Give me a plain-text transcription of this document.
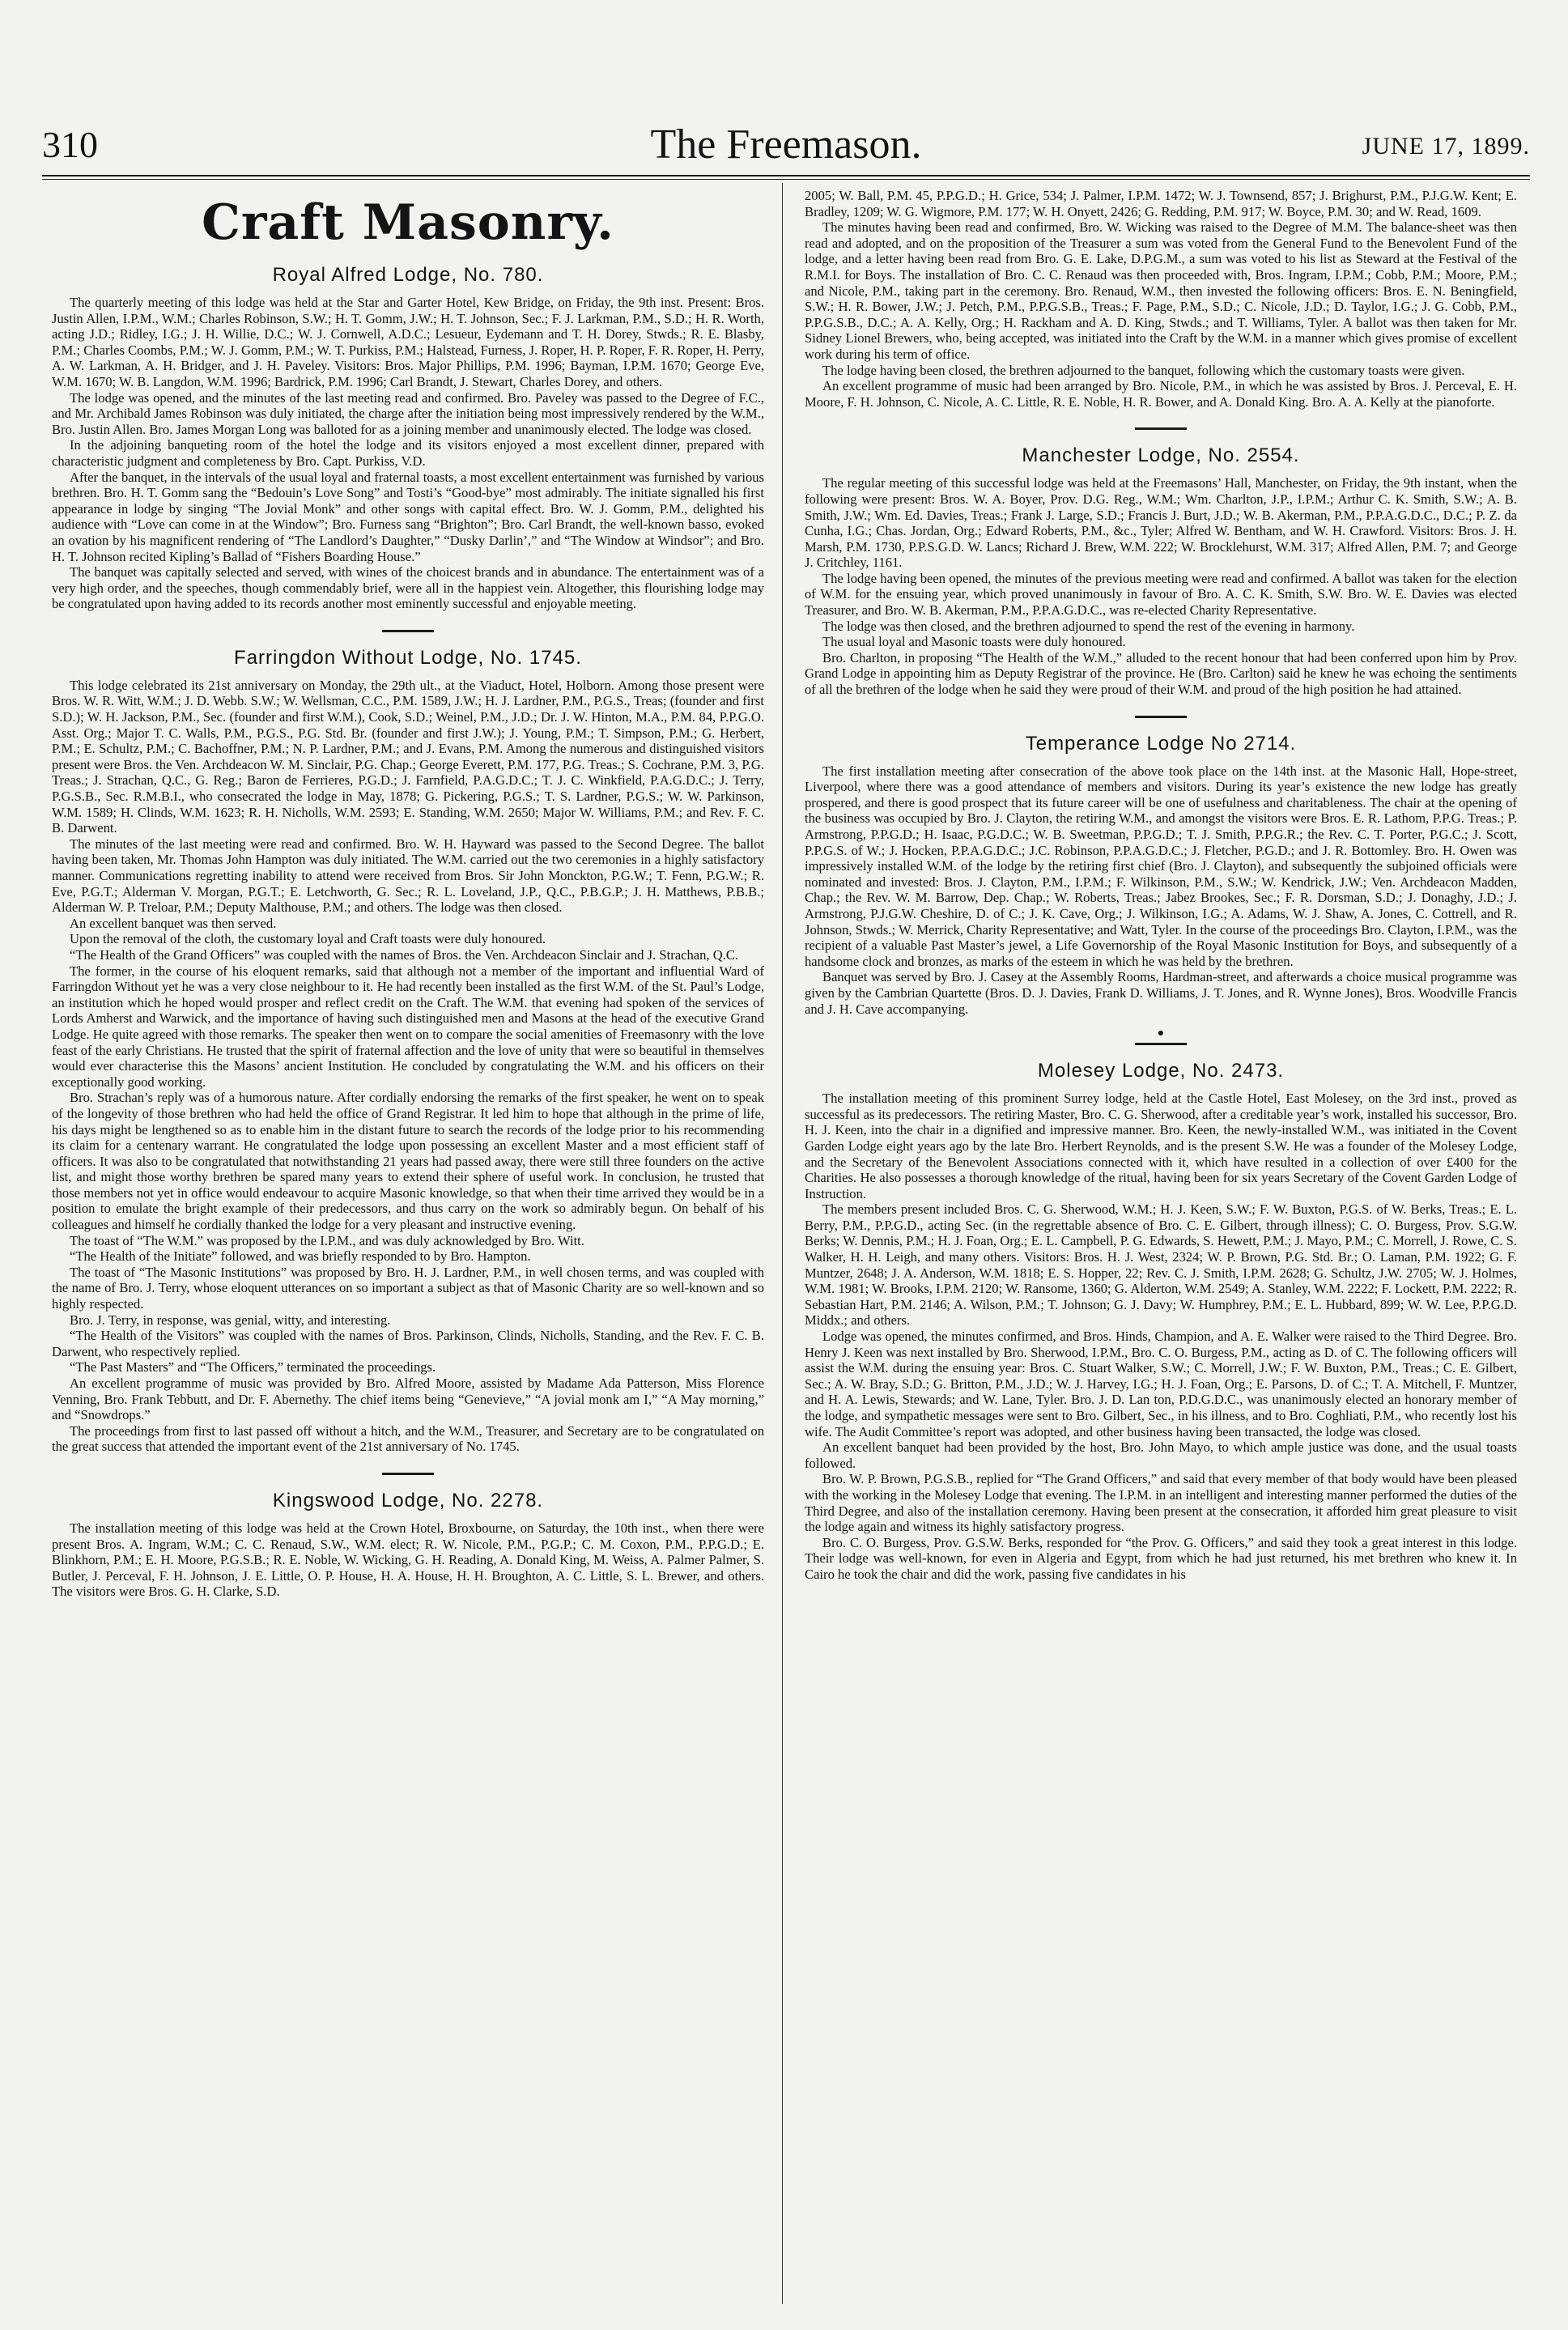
310	The Freemason.	JUNE 17, 1899.
Craft Masonry.
Royal Alfred Lodge, No. 780.

The quarterly meeting of this lodge was held at the Star and Garter Hotel, Kew Bridge, on Friday, the 9th inst. Present: Bros. Justin Allen, I.P.M., W.M.; Charles Robinson, S.W.; H. T. Gomm, J.W.; H. T. Johnson, Sec.; F. J. Larkman, P.M., S.D.; H. R. Worth, acting J.D.; Ridley, I.G.; J. H. Willie, D.C.; W. J. Cornwell, A.D.C.; Lesueur, Eydemann and T. H. Dorey, Stwds.; R. E. Blasby, P.M.; Charles Coombs, P.M.; W. J. Gomm, P.M.; W. T. Purkiss, P.M.; Halstead, Furness, J. Roper, H. P. Roper, F. R. Roper, H. Perry, A. W. Larkman, A. H. Bridger, and J. H. Paveley. Visitors: Bros. Major Phillips, P.M. 1996; Bayman, I.P.M. 1670; George Eve, W.M. 1670; W. B. Langdon, W.M. 1996; Bardrick, P.M. 1996; Carl Brandt, J. Stewart, Charles Dorey, and others.

The lodge was opened, and the minutes of the last meeting read and confirmed. Bro. Paveley was passed to the Degree of F.C., and Mr. Archibald James Robinson was duly initiated, the charge after the initiation being most impressively rendered by the W.M., Bro. Justin Allen. Bro. James Morgan Long was balloted for as a joining member and unanimously elected. The lodge was closed.

In the adjoining banqueting room of the hotel the lodge and its visitors enjoyed a most excellent dinner, prepared with characteristic judgment and completeness by Bro. Capt. Purkiss, V.D.

After the banquet, in the intervals of the usual loyal and fraternal toasts, a most excellent entertainment was furnished by various brethren. Bro. H. T. Gomm sang the “Bedouin’s Love Song” and Tosti’s “Good-bye” most admirably. The initiate signalled his first appearance in lodge by singing “The Jovial Monk” and other songs with capital effect. Bro. W. J. Gomm, P.M., delighted his audience with “Love can come in at the Window”; Bro. Furness sang “Brighton”; Bro. Carl Brandt, the well-known basso, evoked an ovation by his magnificent rendering of “The Landlord’s Daughter,” “Dusky Darlin’,” and “The Window at Windsor”; and Bro. H. T. Johnson recited Kipling’s Ballad of “Fishers Boarding House.”

The banquet was capitally selected and served, with wines of the choicest brands and in abundance. The entertainment was of a very high order, and the speeches, though commendably brief, were all in the happiest vein. Altogether, this flourishing lodge may be congratulated upon having added to its records another most eminently successful and enjoyable meeting.

Farringdon Without Lodge, No. 1745.

This lodge celebrated its 21st anniversary on Monday, the 29th ult., at the Viaduct, Hotel, Holborn. Among those present were Bros. W. R. Witt, W.M.; J. D. Webb. S.W.; W. Wellsman, C.C., P.M. 1589, J.W.; H. J. Lardner, P.M., P.G.S., Treas; (founder and first S.D.); W. H. Jackson, P.M., Sec. (founder and first W.M.), Cook, S.D.; Weinel, P.M., J.D.; Dr. J. W. Hinton, M.A., P.M. 84, P.P.G.O. Asst. Org.; Major T. C. Walls, P.M., P.G.S., P.G. Std. Br. (founder and first J.W.); J. Young, P.M.; T. Simpson, P.M.; G. Herbert, P.M.; E. Schultz, P.M.; C. Bachoffner, P.M.; N. P. Lardner, P.M.; and J. Evans, P.M. Among the numerous and distinguished visitors present were Bros. the Ven. Archdeacon W. M. Sinclair, P.G. Chap.; George Everett, P.M. 177, P.G. Treas.; S. Cochrane, P.M. 3, P.G. Treas.; J. Strachan, Q.C., G. Reg.; Baron de Ferrieres, P.G.D.; J. Farnfield, P.A.G.D.C.; T. J. C. Winkfield, P.A.G.D.C.; J. Terry, P.G.S.B., Sec. R.M.B.I., who consecrated the lodge in May, 1878; G. Pickering, P.G.S.; T. S. Lardner, P.G.S.; W. W. Parkinson, W.M. 1589; H. Clinds, W.M. 1623; R. H. Nicholls, W.M. 2593; E. Standing, W.M. 2650; Major W. Williams, P.M.; and Rev. F. C. B. Darwent.

The minutes of the last meeting were read and confirmed. Bro. W. H. Hayward was passed to the Second Degree. The ballot having been taken, Mr. Thomas John Hampton was duly initiated. The W.M. carried out the two ceremonies in a highly satisfactory manner. Communications regretting inability to attend were received from Bros. Sir John Monckton, P.G.W.; T. Fenn, P.G.W.; R. Eve, P.G.T.; Alderman V. Morgan, P.G.T.; E. Letchworth, G. Sec.; R. L. Loveland, J.P., Q.C., P.B.G.P.; J. H. Matthews, P.B.B.; Alderman W. P. Treloar, P.M.; Deputy Malthouse, P.M.; and others. The lodge was then closed.

An excellent banquet was then served.

Upon the removal of the cloth, the customary loyal and Craft toasts were duly honoured.

“The Health of the Grand Officers” was coupled with the names of Bros. the Ven. Archdeacon Sinclair and J. Strachan, Q.C.

The former, in the course of his eloquent remarks, said that although not a member of the important and influential Ward of Farringdon Without yet he was a very close neighbour to it. He had recently been installed as the first W.M. of the St. Paul’s Lodge, an institution which he hoped would prosper and reflect credit on the Craft. The W.M. that evening had spoken of the services of Lords Amherst and Warwick, and the importance of having such distinguished men and Masons at the head of the executive Grand Lodge. He quite agreed with those remarks. The speaker then went on to compare the social amenities of Freemasonry with the love feast of the early Christians. He trusted that the spirit of fraternal affection and the love of unity that were so beautiful in themselves would ever characterise this the Masons’ ancient Institution. He concluded by congratulating the W.M. and his officers on their exceptionally good working.

Bro. Strachan’s reply was of a humorous nature. After cordially endorsing the remarks of the first speaker, he went on to speak of the longevity of those brethren who had held the office of Grand Registrar. It led him to hope that although in the prime of life, his days might be lengthened so as to enable him in the distant future to search the records of the lodge prior to his recommending its claim for a centenary warrant. He congratulated the lodge upon possessing an excellent Master and a most efficient staff of officers. It was also to be congratulated that notwithstanding 21 years had passed away, there were still three founders on the active list, and might those worthy brethren be spared many years to extend their sphere of useful work. In conclusion, he trusted that those members not yet in office would endeavour to acquire Masonic knowledge, so that when their time arrived they would be in a position to emulate the bright example of their predecessors, and thus carry on the work so admirably begun. On behalf of his colleagues and himself he cordially thanked the lodge for a very pleasant and instructive evening.

The toast of “The W.M.” was proposed by the I.P.M., and was duly acknowledged by Bro. Witt.

“The Health of the Initiate” followed, and was briefly responded to by Bro. Hampton.

The toast of “The Masonic Institutions” was proposed by Bro. H. J. Lardner, P.M., in well chosen terms, and was coupled with the name of Bro. J. Terry, whose eloquent utterances on so important a subject as that of Masonic Charity are so well-known and so highly respected.

Bro. J. Terry, in response, was genial, witty, and interesting.

“The Health of the Visitors” was coupled with the names of Bros. Parkinson, Clinds, Nicholls, Standing, and the Rev. F. C. B. Darwent, who respectively replied.

“The Past Masters” and “The Officers,” terminated the proceedings.

An excellent programme of music was provided by Bro. Alfred Moore, assisted by Madame Ada Patterson, Miss Florence Venning, Bro. Frank Tebbutt, and Dr. F. Abernethy. The chief items being “Genevieve,” “A jovial monk am I,” “A May morning,” and “Snowdrops.”

The proceedings from first to last passed off without a hitch, and the W.M., Treasurer, and Secretary are to be congratulated on the great success that attended the important event of the 21st anniversary of No. 1745.

Kingswood Lodge, No. 2278.

The installation meeting of this lodge was held at the Crown Hotel, Broxbourne, on Saturday, the 10th inst., when there were present Bros. A. Ingram, W.M.; C. C. Renaud, S.W., W.M. elect; R. W. Nicole, P.M., P.G.P.; C. M. Coxon, P.M., P.P.G.D.; E. Blinkhorn, P.M.; E. H. Moore, P.G.S.B.; R. E. Noble, W. Wicking, G. H. Reading, A. Donald King, M. Weiss, A. Palmer Palmer, S. Butler, J. Perceval, F. H. Johnson, J. E. Little, O. P. House, H. A. House, H. H. Broughton, A. C. Little, S. L. Brewer, and others. The visitors were Bros. G. H. Clarke, S.D.

2005; W. Ball, P.M. 45, P.P.G.D.; H. Grice, 534; J. Palmer, I.P.M. 1472; W. J. Townsend, 857; J. Brighurst, P.M., P.J.G.W. Kent; E. Bradley, 1209; W. G. Wigmore, P.M. 177; W. H. Onyett, 2426; G. Redding, P.M. 917; W. Boyce, P.M. 30; and W. Read, 1609.

The minutes having been read and confirmed, Bro. W. Wicking was raised to the Degree of M.M. The balance-sheet was then read and adopted, and on the proposition of the Treasurer a sum was voted from the General Fund to the Benevolent Fund of the lodge, and a letter having been read from Bro. G. E. Lake, D.P.G.M., a sum was voted to his list as Steward at the Festival of the R.M.I. for Boys. The installation of Bro. C. C. Renaud was then proceeded with, Bros. Ingram, I.P.M.; Cobb, P.M.; Moore, P.M.; and Nicole, P.M., taking part in the ceremony. Bro. Renaud, W.M., then invested the following officers: Bros. E. N. Beningfield, S.W.; H. R. Bower, J.W.; J. Petch, P.M., P.P.G.S.B., Treas.; F. Page, P.M., S.D.; C. Nicole, J.D.; D. Taylor, I.G.; J. G. Cobb, P.M., P.P.G.S.B., D.C.; A. A. Kelly, Org.; H. Rackham and A. D. King, Stwds.; and T. Williams, Tyler. A ballot was then taken for Mr. Sidney Lionel Brewers, who, being accepted, was initiated into the Craft by the W.M. in a manner which gives promise of excellent work during his term of office.

The lodge having been closed, the brethren adjourned to the banquet, following which the customary toasts were given.

An excellent programme of music had been arranged by Bro. Nicole, P.M., in which he was assisted by Bros. J. Perceval, E. H. Moore, F. H. Johnson, C. Nicole, A. C. Little, R. E. Noble, H. R. Bower, and A. Donald King. Bro. A. A. Kelly at the pianoforte.

Manchester Lodge, No. 2554.

The regular meeting of this successful lodge was held at the Freemasons’ Hall, Manchester, on Friday, the 9th instant, when the following were present: Bros. W. A. Boyer, Prov. D.G. Reg., W.M.; Wm. Charlton, J.P., I.P.M.; Arthur C. K. Smith, S.W.; A. B. Smith, J.W.; Wm. Ed. Davies, Treas.; Frank J. Large, S.D.; Francis J. Burt, J.D.; W. B. Akerman, P.M., P.P.A.G.D.C., D.C.; P. Z. da Cunha, I.G.; Chas. Jordan, Org.; Edward Roberts, P.M., &c., Tyler; Alfred W. Bentham, and W. H. Crawford. Visitors: Bros. J. H. Marsh, P.M. 1730, P.P.S.G.D. W. Lancs; Richard J. Brew, W.M. 222; W. Brocklehurst, W.M. 317; Alfred Allen, P.M. 7; and George J. Critchley, 1161.

The lodge having been opened, the minutes of the previous meeting were read and confirmed. A ballot was taken for the election of W.M. for the ensuing year, which proved unanimously in favour of Bro. A. C. K. Smith, S.W. Bro. W. E. Davies was elected Treasurer, and Bro. W. B. Akerman, P.M., P.P.A.G.D.C., was re-elected Charity Representative.

The lodge was then closed, and the brethren adjourned to spend the rest of the evening in harmony.

The usual loyal and Masonic toasts were duly honoured.

Bro. Charlton, in proposing “The Health of the W.M.,” alluded to the recent honour that had been conferred upon him by Prov. Grand Lodge in appointing him as Deputy Registrar of the province. He (Bro. Carlton) said he knew he was echoing the sentiments of all the brethren of the lodge when he said they were proud of their W.M. and proud of the high position he had attained.

Temperance Lodge No 2714.

The first installation meeting after consecration of the above took place on the 14th inst. at the Masonic Hall, Hope-street, Liverpool, where there was a good attendance of members and visitors. During its year’s existence the new lodge has greatly prospered, and there is good prospect that its future career will be one of usefulness and charitableness. The chair at the opening of the business was occupied by Bro. J. Clayton, the retiring W.M., and amongst the visitors were Bros. E. R. Lathom, P.P.G. Treas.; P. Armstrong, P.P.G.D.; H. Isaac, P.G.D.C.; W. B. Sweetman, P.P.G.D.; T. J. Smith, P.P.G.R.; the Rev. C. T. Porter, P.G.C.; J. Scott, P.P.G.S. of W.; J. Hocken, P.P.A.G.D.C.; J.C. Robinson, P.P.A.G.D.C.; J. Fletcher, P.G.D.; and J. R. Bottomley. Bro. H. Owen was impressively installed W.M. of the lodge by the retiring first chief (Bro. J. Clayton), and subsequently the subjoined officials were nominated and invested: Bros. J. Clayton, P.M., I.P.M.; F. Wilkinson, P.M., S.W.; W. Kendrick, J.W.; Ven. Archdeacon Madden, Chap.; the Rev. W. M. Barrow, Dep. Chap.; W. Roberts, Treas.; Jabez Brookes, Sec.; F. R. Dorsman, S.D.; J. Donaghy, J.D.; J. Armstrong, P.J.G.W. Cheshire, D. of C.; J. K. Cave, Org.; J. Wilkinson, I.G.; A. Adams, W. J. Shaw, A. Jones, C. Cottrell, and R. Johnson, Stwds.; W. Merrick, Charity Representative; and Watt, Tyler. In the course of the proceedings Bro. Clayton, I.P.M., was the recipient of a valuable Past Master’s jewel, a Life Governorship of the Royal Masonic Institution for Boys, and subsequently of a handsome clock and bronzes, as marks of the esteem in which he was held by the brethren.

Banquet was served by Bro. J. Casey at the Assembly Rooms, Hardman-street, and afterwards a choice musical programme was given by the Cambrian Quartette (Bros. D. J. Davies, Frank D. Williams, J. T. Jones, and R. Wynne Jones), Bros. Woodville Francis and J. H. Cave accompanying.

●
Molesey Lodge, No. 2473.

The installation meeting of this prominent Surrey lodge, held at the Castle Hotel, East Molesey, on the 3rd inst., proved as successful as its predecessors. The retiring Master, Bro. C. G. Sherwood, after a creditable year’s work, installed his successor, Bro. H. J. Keen, into the chair in a dignified and impressive manner. Bro. Keen, the newly-installed W.M., was initiated in the Covent Garden Lodge eight years ago by the late Bro. Herbert Reynolds, and is the present S.W. He was a founder of the Molesey Lodge, and the Secretary of the Benevolent Associations connected with it, which have resulted in a collection of over £400 for the Charities. He also possesses a thorough knowledge of the ritual, having been for six years Secretary of the Covent Garden Lodge of Instruction.

The members present included Bros. C. G. Sherwood, W.M.; H. J. Keen, S.W.; F. W. Buxton, P.G.S. of W. Berks, Treas.; E. L. Berry, P.M., P.P.G.D., acting Sec. (in the regrettable absence of Bro. C. E. Gilbert, through illness); C. O. Burgess, Prov. S.G.W. Berks; W. Dennis, P.M.; H. J. Foan, Org.; E. L. Campbell, P. G. Edwards, S. Hewett, P.M.; J. Mayo, P.M.; C. Morrell, J. Rowe, C. S. Walker, H. H. Leigh, and many others. Visitors: Bros. H. J. West, 2324; W. P. Brown, P.G. Std. Br.; O. Laman, P.M. 1922; G. F. Muntzer, 2648; J. A. Anderson, W.M. 1818; E. S. Hopper, 22; Rev. C. J. Smith, I.P.M. 2628; G. Schultz, J.W. 2705; W. J. Holmes, W.M. 1981; W. Brooks, I.P.M. 2120; W. Ransome, 1360; G. Alderton, W.M. 2549; A. Stanley, W.M. 2222; F. Lockett, P.M. 2222; R. Sebastian Hart, P.M. 2146; A. Wilson, P.M.; T. Johnson; G. J. Davy; W. Humphrey, P.M.; E. L. Hubbard, 899; W. W. Lee, P.P.G.D. Middx.; and others.

Lodge was opened, the minutes confirmed, and Bros. Hinds, Champion, and A. E. Walker were raised to the Third Degree. Bro. Henry J. Keen was next installed by Bro. Sherwood, I.P.M., Bro. C. O. Burgess, P.M., acting as D. of C. The following officers will assist the W.M. during the ensuing year: Bros. C. Stuart Walker, S.W.; C. Morrell, J.W.; F. W. Buxton, P.M., Treas.; C. E. Gilbert, Sec.; A. W. Bray, S.D.; G. Britton, P.M., J.D.; W. J. Harvey, I.G.; H. J. Foan, Org.; E. Parsons, D. of C.; T. A. Mitchell, F. Muntzer, and H. A. Lewis, Stewards; and W. Lane, Tyler. Bro. J. D. Lan ton, P.D.G.D.C., was unanimously elected an honorary member of the lodge, and sympathetic messages were sent to Bro. Gilbert, Sec., in his illness, and to Bro. Coghliati, P.M., who recently lost his wife. The Audit Committee’s report was adopted, and other business having been transacted, the lodge was closed.

An excellent banquet had been provided by the host, Bro. John Mayo, to which ample justice was done, and the usual toasts followed.

Bro. W. P. Brown, P.G.S.B., replied for “The Grand Officers,” and said that every member of that body would have been pleased with the working in the Molesey Lodge that evening. The I.P.M. in an intelligent and interesting manner performed the duties of the Third Degree, and also of the installation ceremony. Having been present at the consecration, it afforded him great pleasure to visit the lodge again and witness its highly satisfactory progress.

Bro. C. O. Burgess, Prov. G.S.W. Berks, responded for “the Prov. G. Officers,” and said they took a great interest in this lodge. Their lodge was well-known, for even in Algeria and Egypt, from which he had just returned, his met brethren who knew it. In Cairo he took the chair and did the work, passing five candidates in his
